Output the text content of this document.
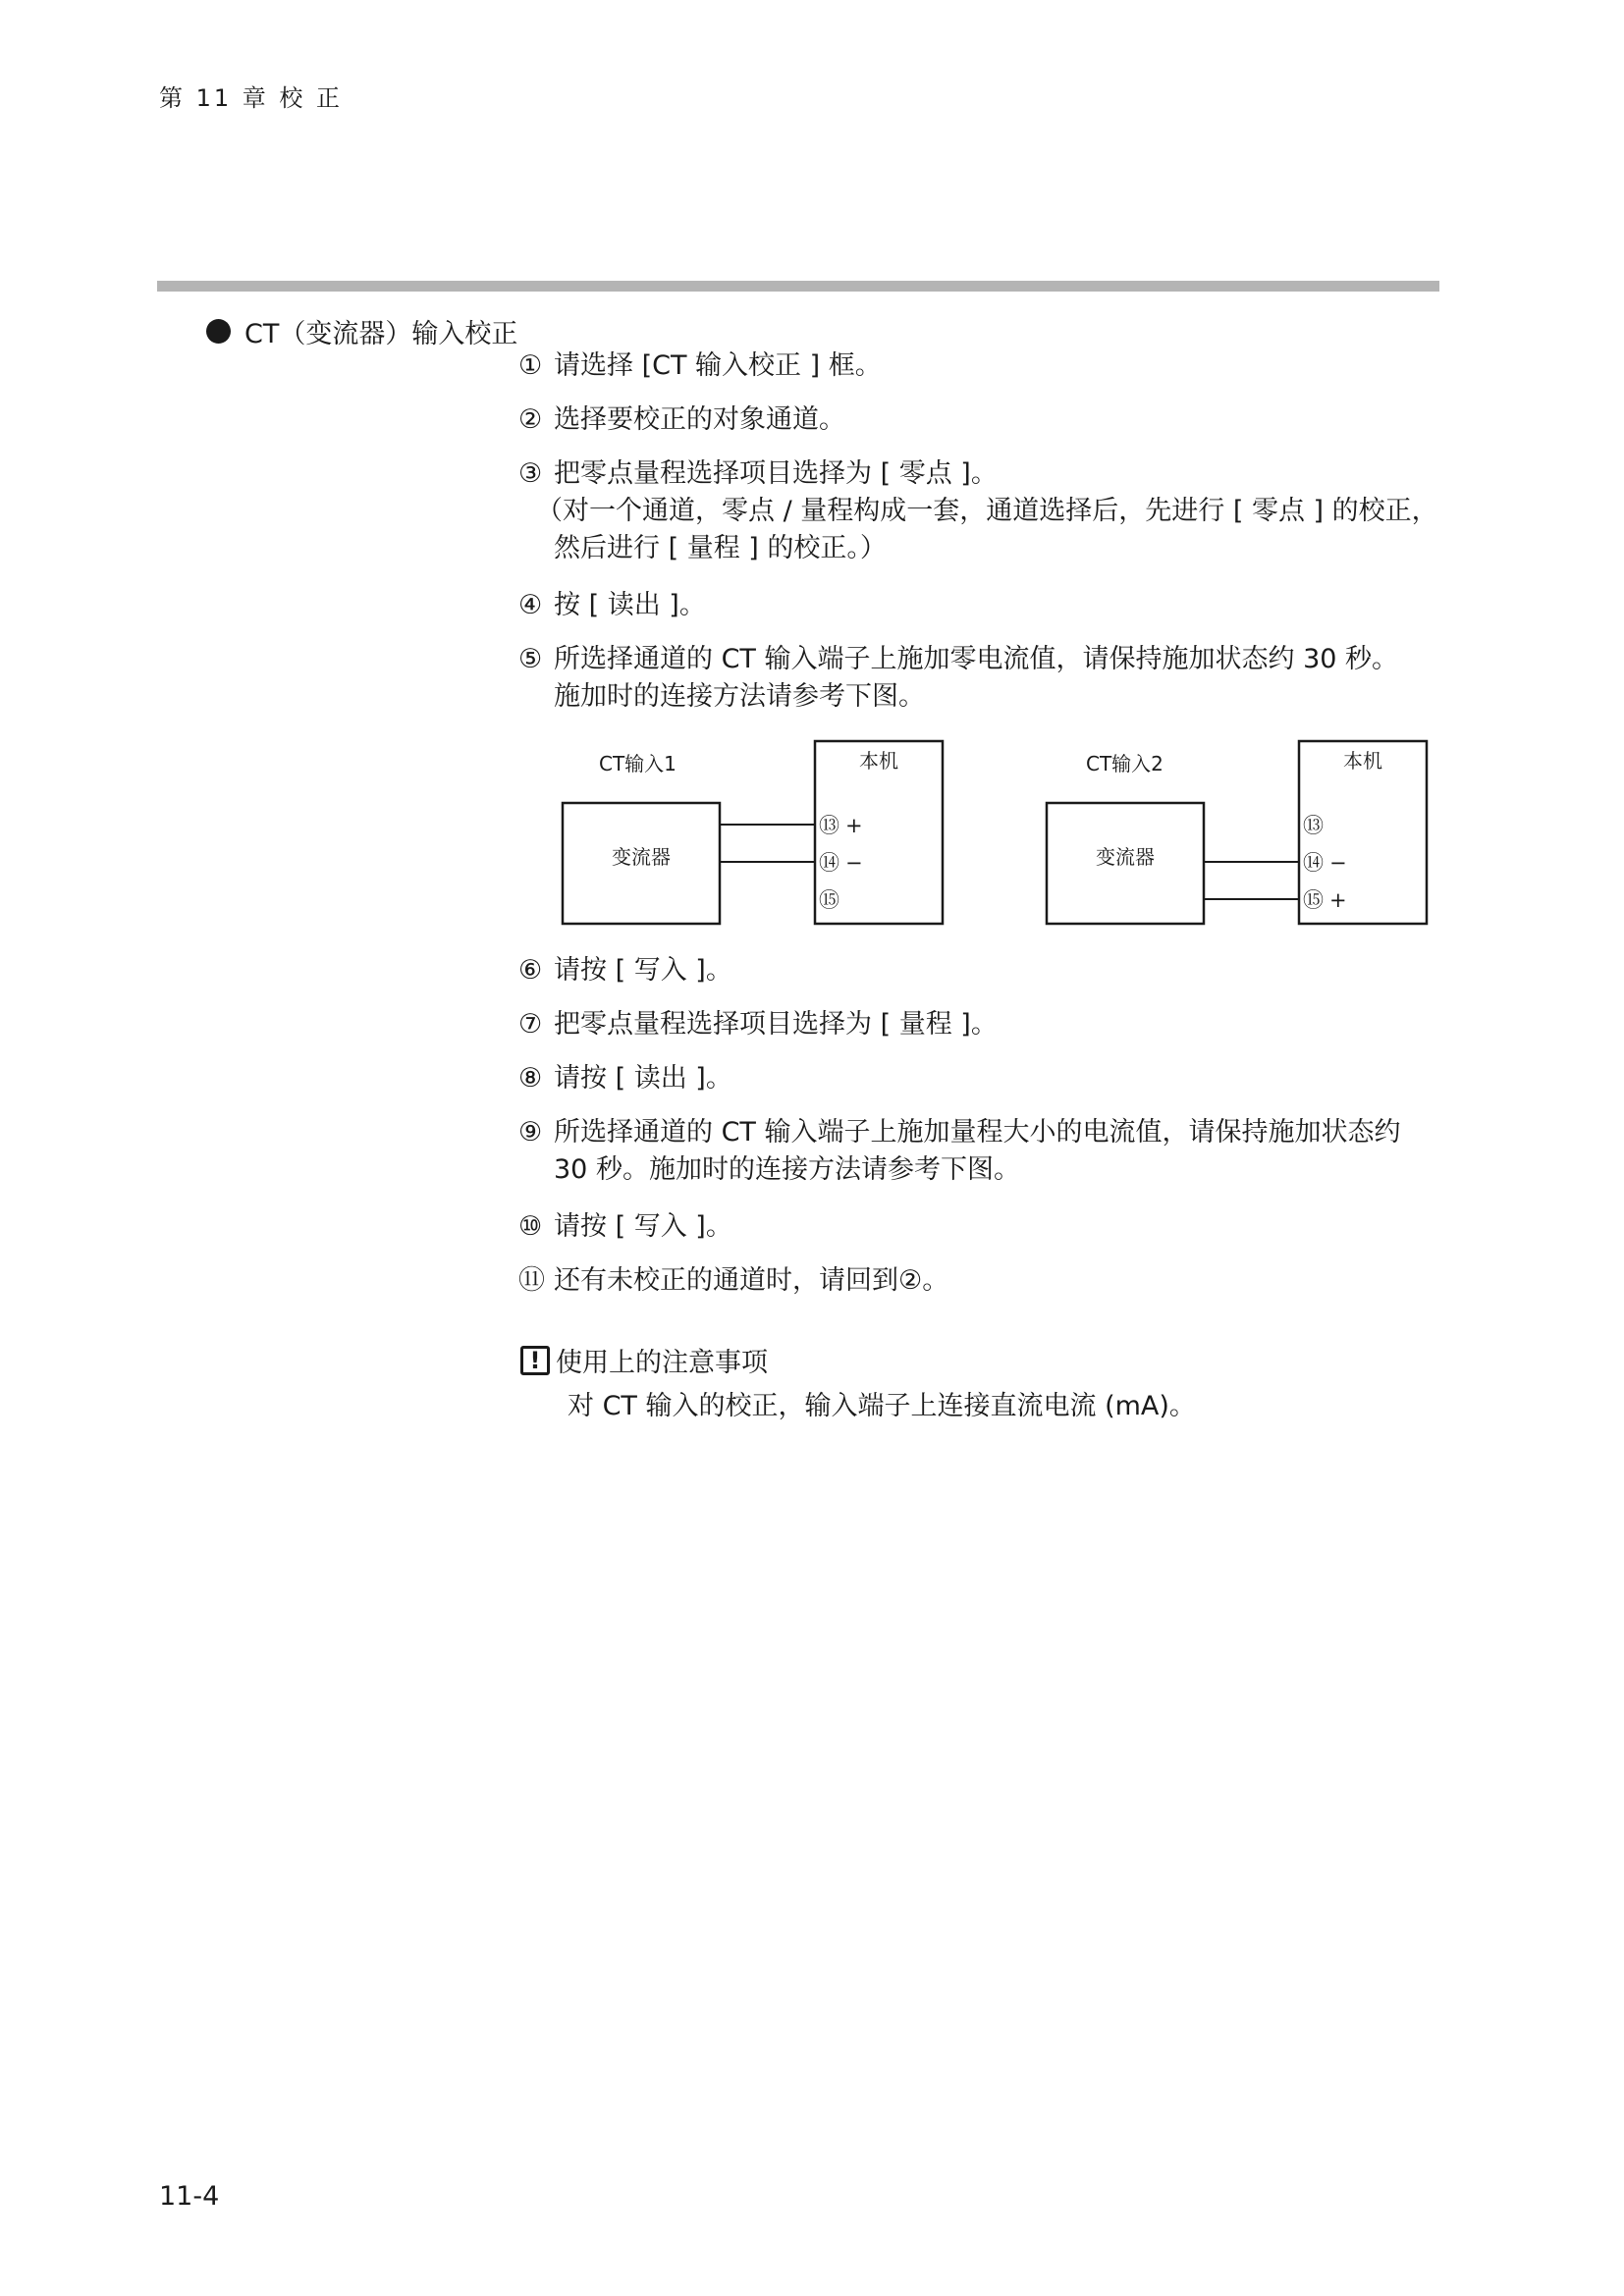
第 11 章 校 正
CT（变流器）输入校正
① 请选择 [CT 输入校正 ] 框。
② 选择要校正的对象通道。
③ 把零点量程选择项目选择为 [ 零点 ]。
（对一个通道，零点 / 量程构成一套，通道选择后，先进行 [ 零点 ] 的校正，
然后进行 [ 量程 ] 的校正。）
④ 按 [ 读出 ]。
⑤ 所选择通道的 CT 输入端子上施加零电流值，请保持施加状态约 30 秒。
施加时的连接方法请参考下图。
CT输入1
变流器
本机
⑬ +
⑭ −
⑮
CT输入2
变流器
本机
⑬
⑭ −
⑮ +
⑥ 请按 [ 写入 ]。
⑦ 把零点量程选择项目选择为 [ 量程 ]。
⑧ 请按 [ 读出 ]。
⑨ 所选择通道的 CT 输入端子上施加量程大小的电流值，请保持施加状态约
30 秒。施加时的连接方法请参考下图。
⑩ 请按 [ 写入 ]。
⑪ 还有未校正的通道时，请回到②。
! 使用上的注意事项
对 CT 输入的校正，输入端子上连接直流电流 (mA)。
11-4
